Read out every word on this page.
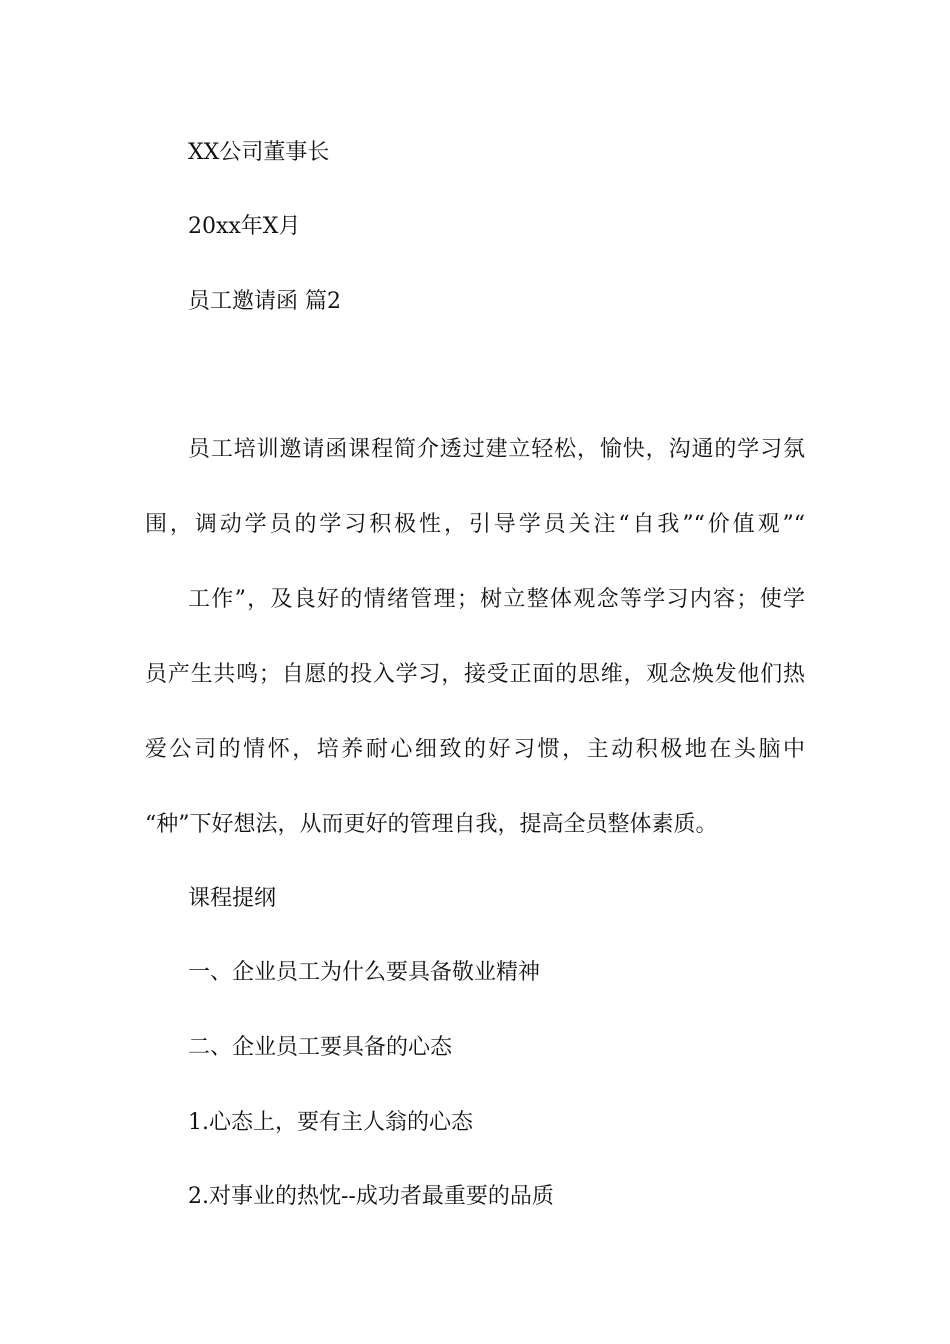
XX公司董事长
20xx年X月
员工邀请函 篇2
员工培训邀请函课程简介透过建立轻松，愉快，沟通的学习氛
围，调动学员的学习积极性，引导学员关注“自我”“价值观”“
工作”，及良好的情绪管理；树立整体观念等学习内容；使学
员产生共鸣；自愿的投入学习，接受正面的思维，观念焕发他们热
爱公司的情怀，培养耐心细致的好习惯，主动积极地在头脑中
“种”下好想法，从而更好的管理自我，提高全员整体素质。
课程提纲
一、企业员工为什么要具备敬业精神
二、企业员工要具备的心态
1.心态上，要有主人翁的心态
2.对事业的热忱--成功者最重要的品质
